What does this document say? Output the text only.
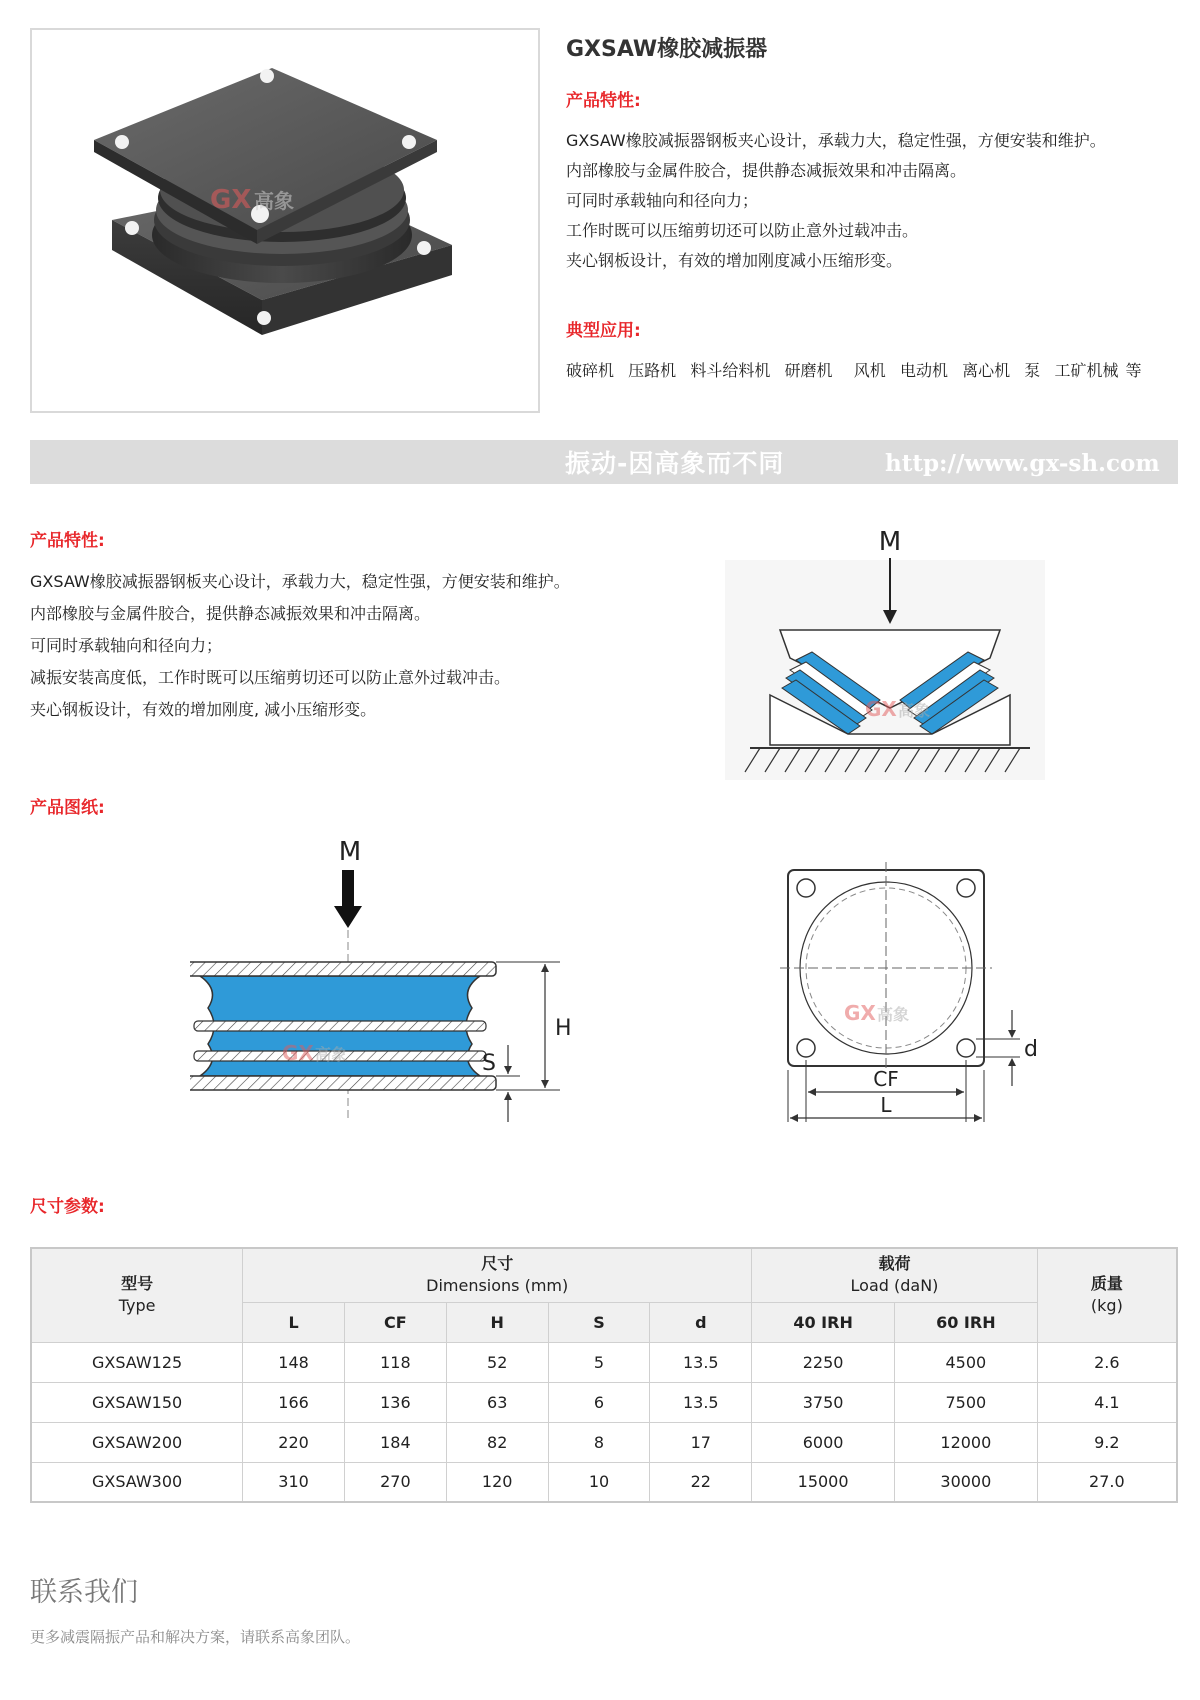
GX 高象
GXSAW橡胶减振器
产品特性:
GXSAW橡胶减振器钢板夹心设计，承载力大，稳定性强，方便安装和维护。
内部橡胶与金属件胶合，提供静态减振效果和冲击隔离。
可同时承载轴向和径向力；
工作时既可以压缩剪切还可以防止意外过载冲击。
夹心钢板设计，有效的增加刚度减小压缩形变。
典型应用:
破碎机  压路机  料斗给料机  研磨机   风机  电动机  离心机  泵  工矿机械 等
振动-因高象而不同	http://www.gx-sh.com
产品特性:
GXSAW橡胶减振器钢板夹心设计，承载力大，稳定性强，方便安装和维护。
内部橡胶与金属件胶合，提供静态减振效果和冲击隔离。
可同时承载轴向和径向力；
减振安装高度低，工作时既可以压缩剪切还可以防止意外过载冲击。
夹心钢板设计，有效的增加刚度, 减小压缩形变。
M
GX 高象
产品图纸:
M
H
S
GX 高象	d
CF
L
GX 高象
尺寸参数:
型号
Type	尺寸
Dimensions (mm)					载荷
Load (daN)		质量
(kg)

	L	CF	H	S	d	40 IRH	60 IRH	
GXSAW125	148	118	52	5	13.5	2250	4500	2.6
GXSAW150	166	136	63	6	13.5	3750	7500	4.1
GXSAW200	220	184	82	8	17	6000	12000	9.2
GXSAW300	310	270	120	10	22	15000	30000	27.0
联系我们
更多减震隔振产品和解决方案，请联系高象团队。
